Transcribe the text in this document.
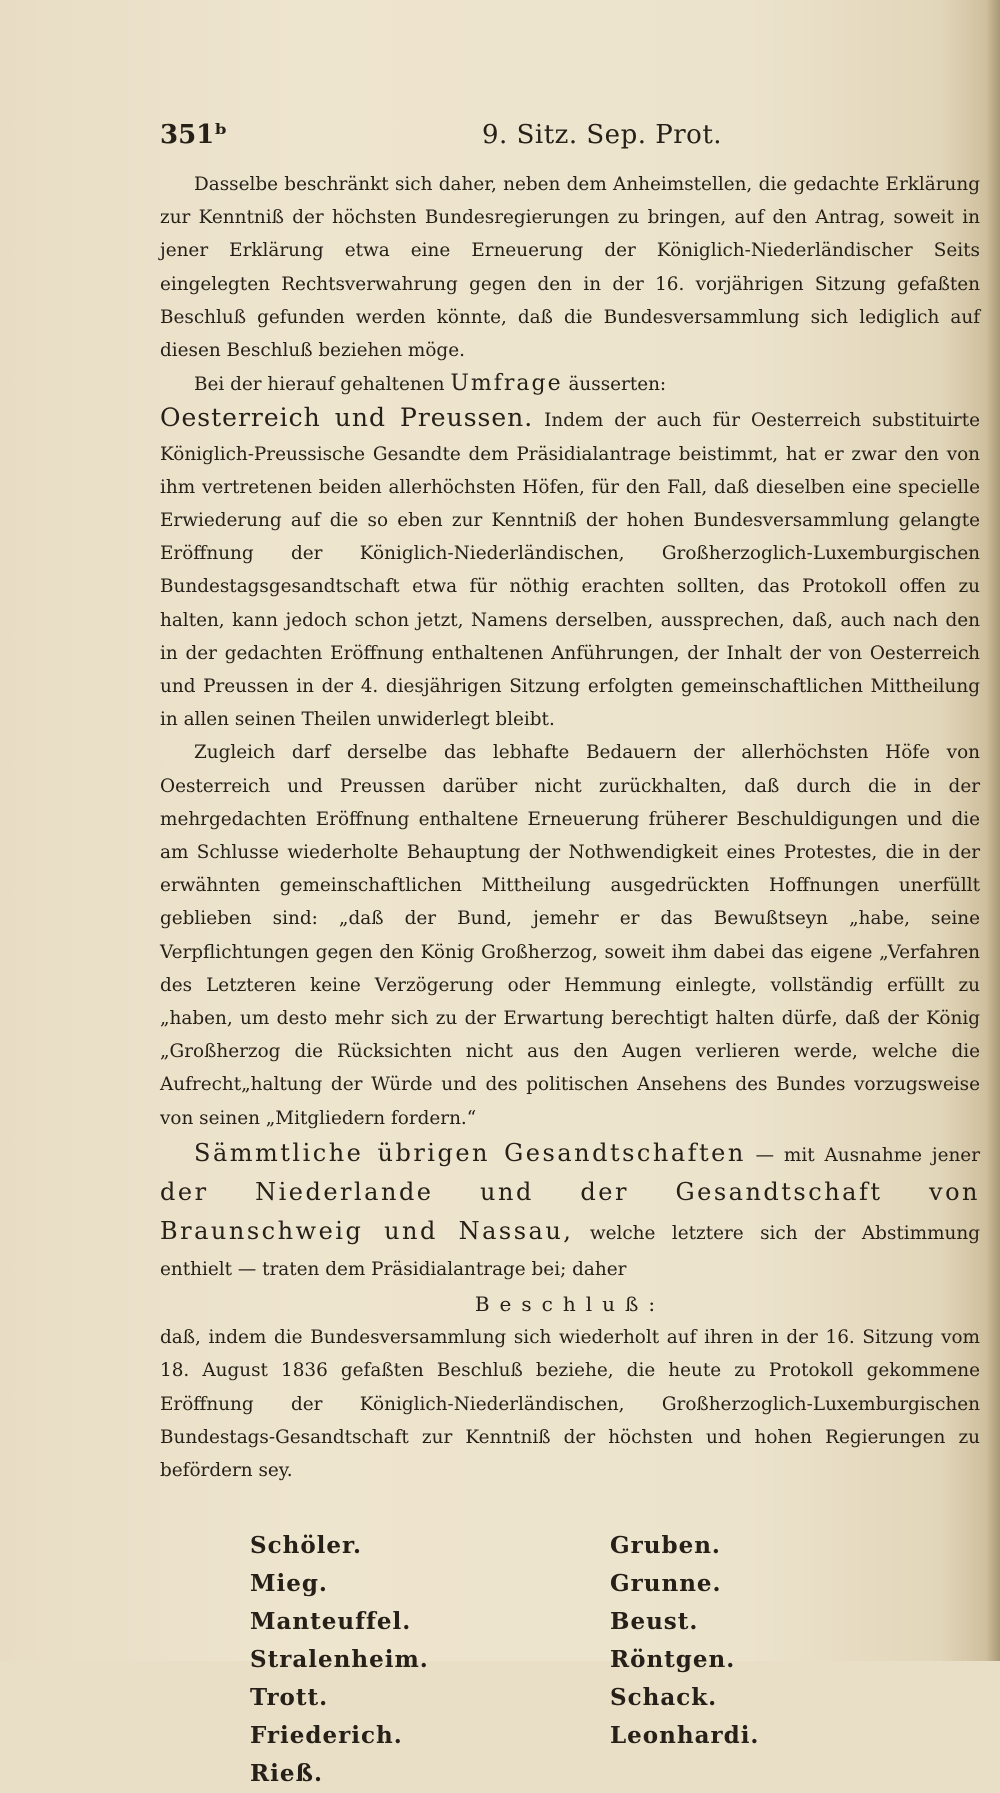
351ᵇ	9. Sitz. Sep. Prot.

Dasselbe beschränkt sich daher, neben dem Anheimstellen, die gedachte Erklärung zur Kenntniß der höchsten Bundesregierungen zu bringen, auf den Antrag, soweit in jener Erklärung etwa eine Erneuerung der Königlich-Niederländischer Seits eingelegten Rechtsverwahrung gegen den in der 16. vorjährigen Sitzung gefaßten Beschluß gefunden werden könnte, daß die Bundesversammlung sich lediglich auf diesen Beschluß beziehen möge.

Bei der hierauf gehaltenen Umfrage äusserten:

Oesterreich und Preussen. Indem der auch für Oesterreich substituirte Königlich-Preussische Gesandte dem Präsidialantrage beistimmt, hat er zwar den von ihm vertretenen beiden allerhöchsten Höfen, für den Fall, daß dieselben eine specielle Erwiederung auf die so eben zur Kenntniß der hohen Bundesversammlung gelangte Eröffnung der Königlich-Niederländischen, Großherzoglich-Luxemburgischen Bundestagsgesandtschaft etwa für nöthig erachten sollten, das Protokoll offen zu halten, kann jedoch schon jetzt, Namens derselben, aussprechen, daß, auch nach den in der gedachten Eröffnung enthaltenen Anführungen, der Inhalt der von Oesterreich und Preussen in der 4. diesjährigen Sitzung erfolgten gemeinschaftlichen Mittheilung in allen seinen Theilen unwiderlegt bleibt.

Zugleich darf derselbe das lebhafte Bedauern der allerhöchsten Höfe von Oesterreich und Preussen darüber nicht zurückhalten, daß durch die in der mehrgedachten Eröffnung enthaltene Erneuerung früherer Beschuldigungen und die am Schlusse wiederholte Behauptung der Nothwendigkeit eines Protestes, die in der erwähnten gemeinschaftlichen Mittheilung ausgedrückten Hoffnungen unerfüllt geblieben sind: „daß der Bund, jemehr er das Bewußtseyn „habe, seine Verpflichtungen gegen den König Großherzog, soweit ihm dabei das eigene „Verfahren des Letzteren keine Verzögerung oder Hemmung einlegte, vollständig erfüllt zu „haben, um desto mehr sich zu der Erwartung berechtigt halten dürfe, daß der König „Großherzog die Rücksichten nicht aus den Augen verlieren werde, welche die Aufrecht„haltung der Würde und des politischen Ansehens des Bundes vorzugsweise von seinen „Mitgliedern fordern.“

Sämmtliche übrigen Gesandtschaften — mit Ausnahme jener der Niederlande und der Gesandtschaft von Braunschweig und Nassau, welche letztere sich der Abstimmung enthielt — traten dem Präsidialantrage bei; daher

Beschluß:

daß, indem die Bundesversammlung sich wiederholt auf ihren in der 16. Sitzung vom 18. August 1836 gefaßten Beschluß beziehe, die heute zu Protokoll gekommene Eröffnung der Königlich-Niederländischen, Großherzoglich-Luxemburgischen Bundestags-Gesandtschaft zur Kenntniß der höchsten und hohen Regierungen zu befördern sey.

Schöler.
Mieg.
Manteuffel.
Stralenheim.
Trott.
Friederich.
Rieß.
Gruben.
Grunne.
Beust.
Röntgen.
Schack.
Leonhardi.
